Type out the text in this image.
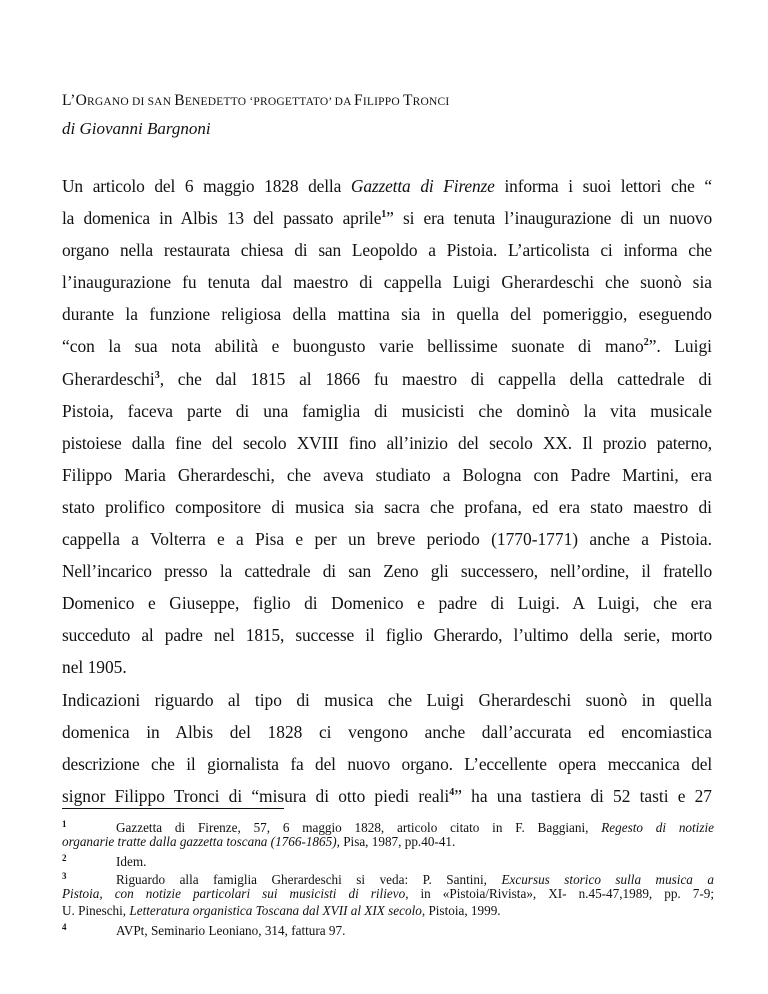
L’ORGANO DI SAN BENEDETTO ‘PROGETTATO’ DA FILIPPO TRONCI
di Giovanni Bargnoni
Un articolo del 6 maggio 1828 della Gazzetta di Firenze informa i suoi lettori che “
la domenica in Albis 13 del passato aprile$^1$” si era tenuta l’inaugurazione di un nuovo
organo nella restaurata chiesa di san Leopoldo a Pistoia. L’articolista ci informa che
l’inaugurazione fu tenuta dal maestro di cappella Luigi Gherardeschi che suonò sia
durante la funzione religiosa della mattina sia in quella del pomeriggio, eseguendo
“con la sua nota abilità e buongusto varie bellissime suonate di mano$^2$”. Luigi
Gherardeschi$^3$, che dal 1815 al 1866 fu maestro di cappella della cattedrale di
Pistoia, faceva parte di una famiglia di musicisti che dominò la vita musicale
pistoiese dalla fine del secolo XVIII fino all’inizio del secolo XX. Il prozio paterno,
Filippo Maria Gherardeschi, che aveva studiato a Bologna con Padre Martini, era
stato prolifico compositore di musica sia sacra che profana, ed era stato maestro di
cappella a Volterra e a Pisa e per un breve periodo (1770-1771) anche a Pistoia.
Nell’incarico presso la cattedrale di san Zeno gli successero, nell’ordine, il fratello
Domenico e Giuseppe, figlio di Domenico e padre di Luigi. A Luigi, che era
succeduto al padre nel 1815, successe il figlio Gherardo, l’ultimo della serie, morto
nel 1905.
Indicazioni riguardo al tipo di musica che Luigi Gherardeschi suonò in quella
domenica in Albis del 1828 ci vengono anche dall’accurata ed encomiastica
descrizione che il giornalista fa del nuovo organo. L’eccellente opera meccanica del
signor Filippo Tronci di “misura di otto piedi reali$^4$” ha una tastiera di 52 tasti e 27
1	Gazzetta di Firenze, 57, 6 maggio 1828, articolo citato in F. Baggiani, Regesto di notizie
organarie tratte dalla gazzetta toscana (1766-1865), Pisa, 1987, pp.40-41.
2	Idem.
3	Riguardo alla famiglia Gherardeschi si veda: P. Santini, Excursus storico sulla musica a
Pistoia, con notizie particolari sui musicisti di rilievo, in «Pistoia/Rivista», XI- n.45-47,1989, pp. 7-9;
U. Pineschi, Letteratura organistica Toscana dal XVII al XIX secolo, Pistoia, 1999.
4	AVPt, Seminario Leoniano, 314, fattura 97.
